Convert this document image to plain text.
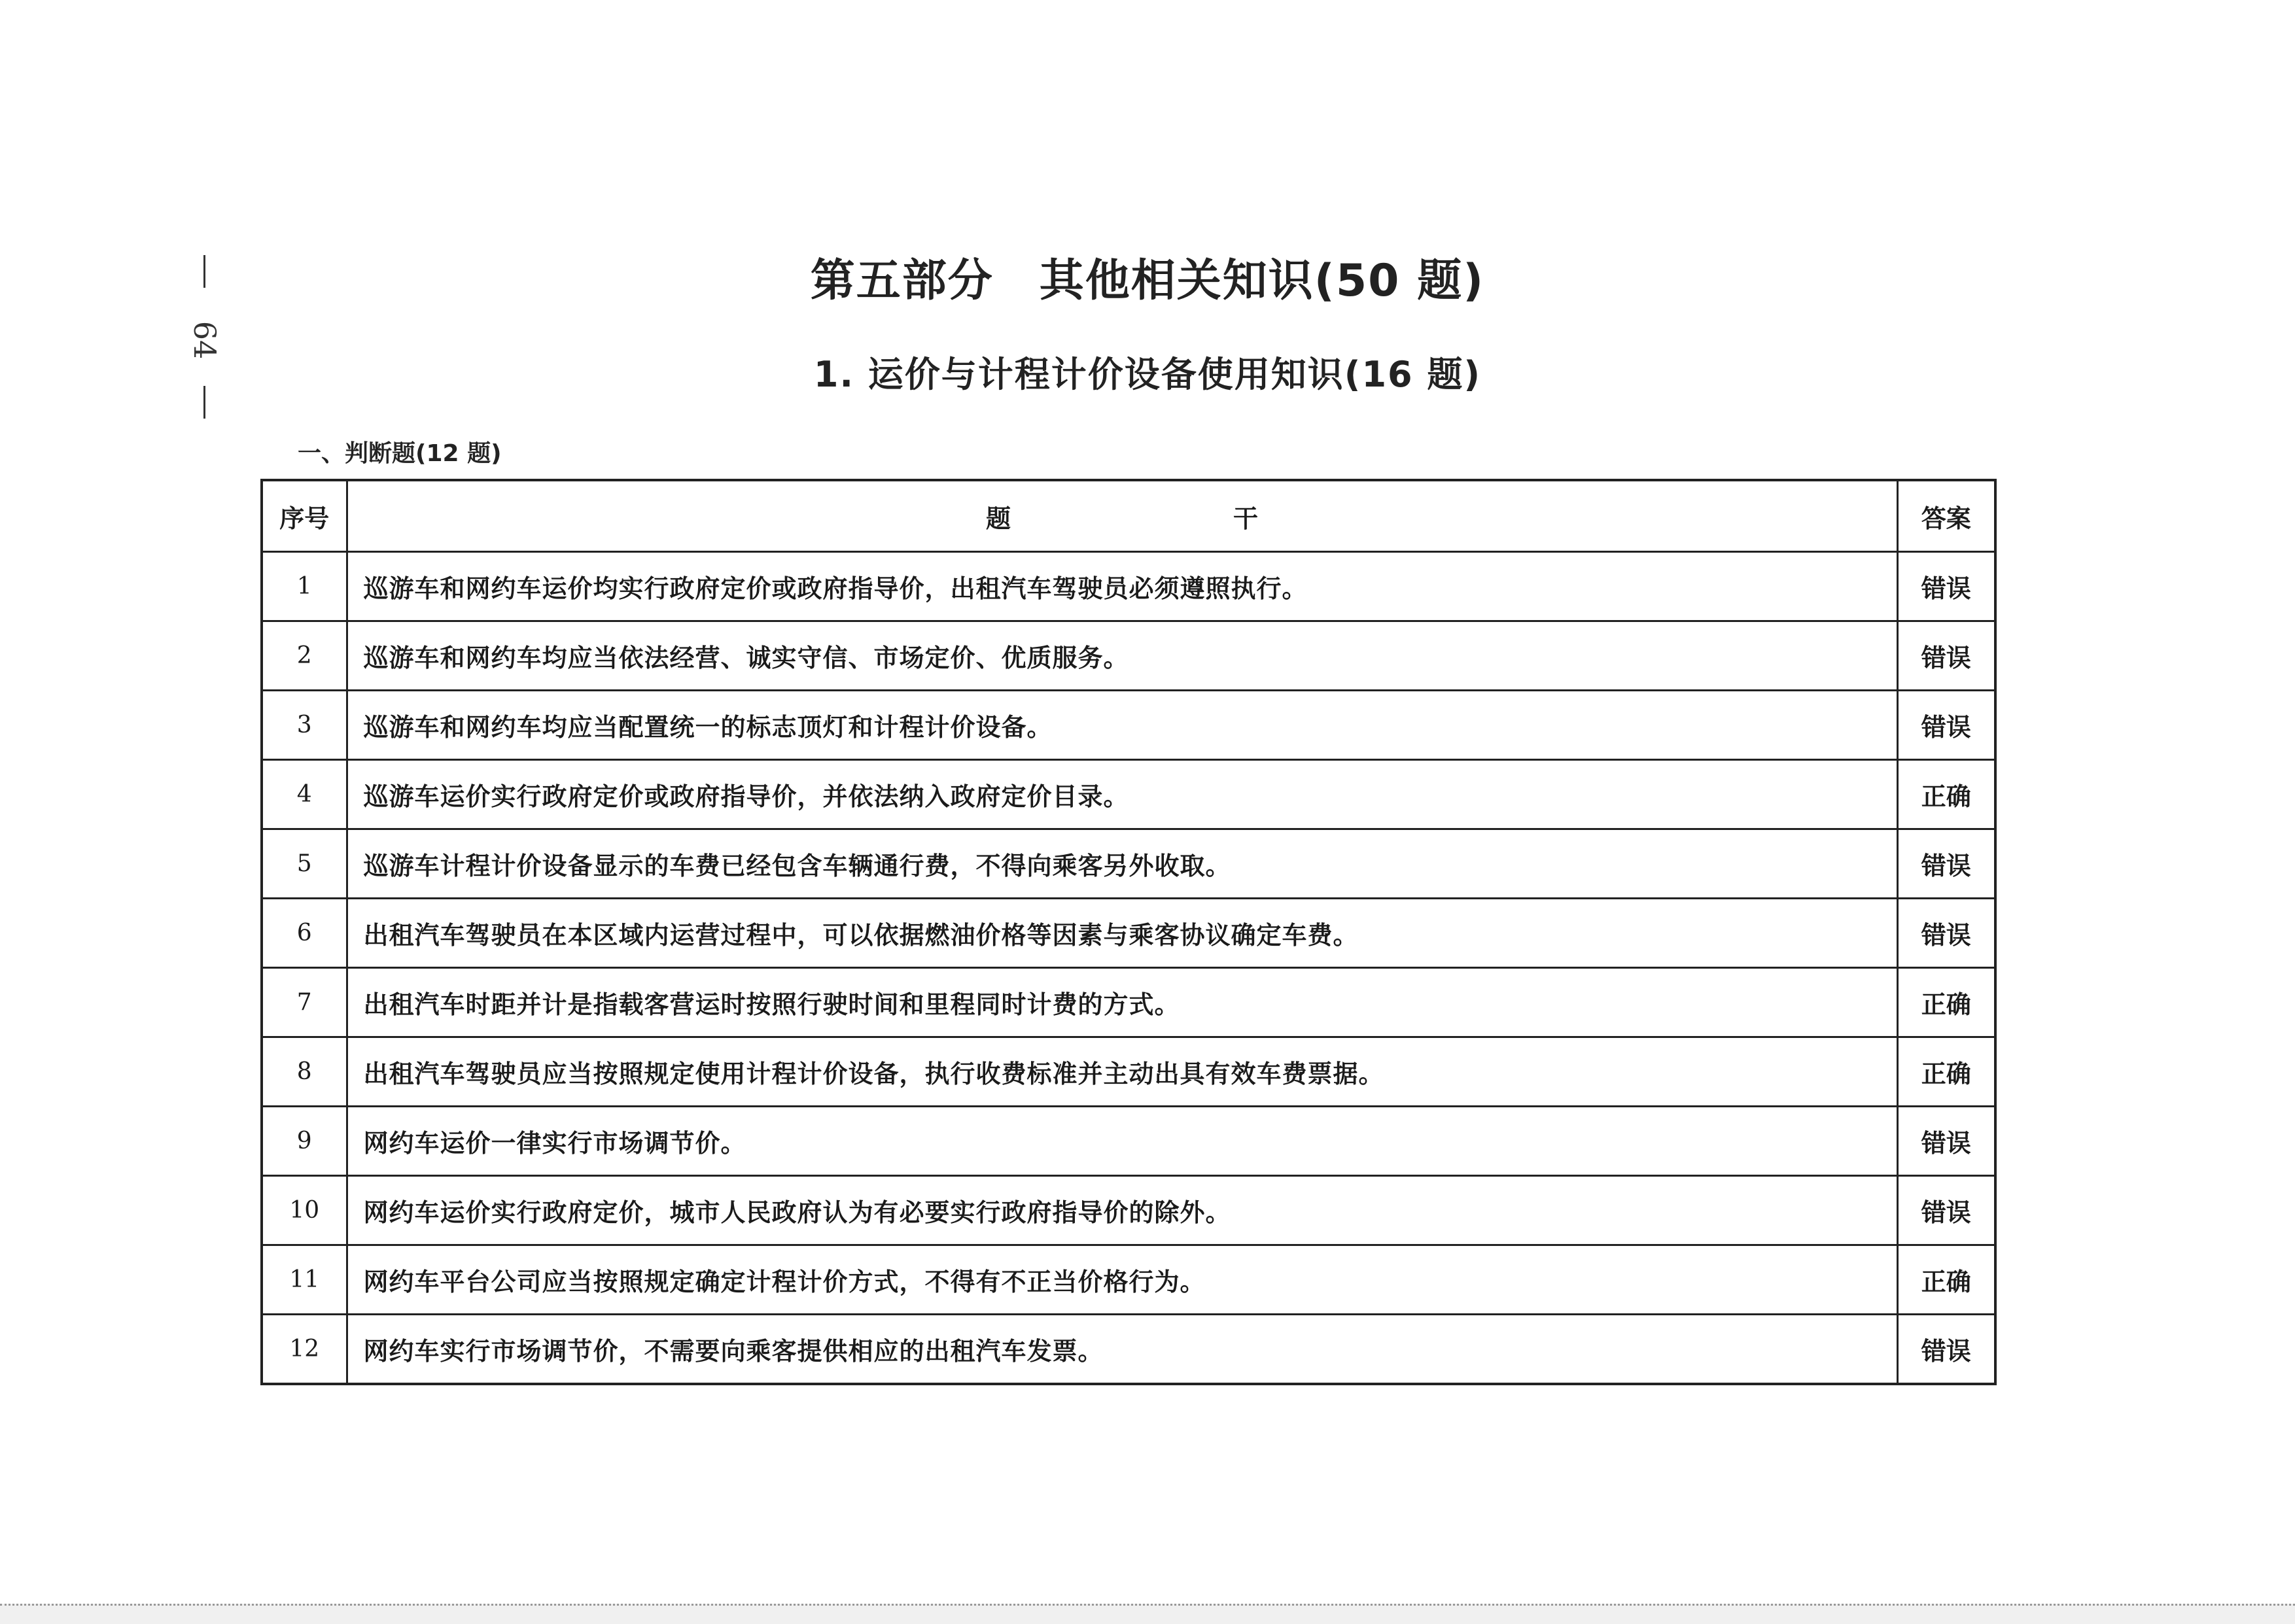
64
第五部分　其他相关知识(50 题)
1. 运价与计程计价设备使用知识(16 题)
一、判断题(12 题)
序号	题 干	答案
1	巡游车和网约车运价均实行政府定价或政府指导价，出租汽车驾驶员必须遵照执行。	错误
2	巡游车和网约车均应当依法经营、诚实守信、市场定价、优质服务。	错误
3	巡游车和网约车均应当配置统一的标志顶灯和计程计价设备。	错误
4	巡游车运价实行政府定价或政府指导价，并依法纳入政府定价目录。	正确
5	巡游车计程计价设备显示的车费已经包含车辆通行费，不得向乘客另外收取。	错误
6	出租汽车驾驶员在本区域内运营过程中，可以依据燃油价格等因素与乘客协议确定车费。	错误
7	出租汽车时距并计是指载客营运时按照行驶时间和里程同时计费的方式。	正确
8	出租汽车驾驶员应当按照规定使用计程计价设备，执行收费标准并主动出具有效车费票据。	正确
9	网约车运价一律实行市场调节价。	错误
10	网约车运价实行政府定价，城市人民政府认为有必要实行政府指导价的除外。	错误
11	网约车平台公司应当按照规定确定计程计价方式，不得有不正当价格行为。	正确
12	网约车实行市场调节价，不需要向乘客提供相应的出租汽车发票。	错误
